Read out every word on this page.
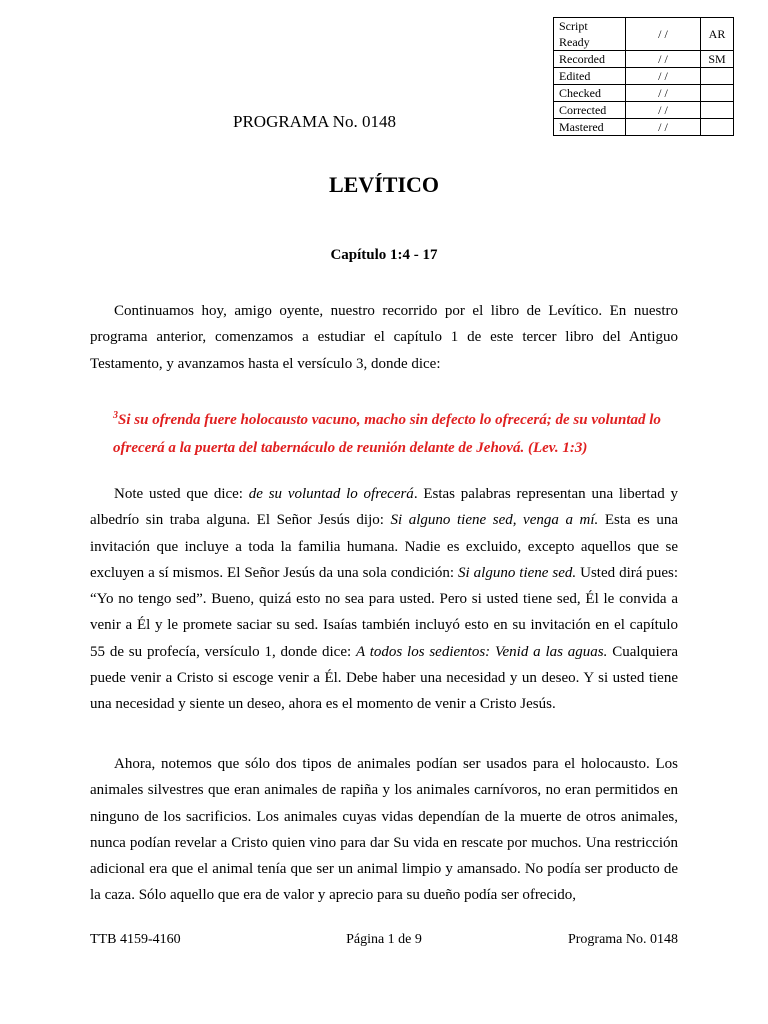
Script Ready	/ /	AR
Recorded	/ /	SM
Edited	/ /	
Checked	/ /	
Corrected	/ /	
Mastered	/ /	
PROGRAMA No. 0148
LEVÍTICO
Capítulo 1:4 - 17

Continuamos hoy, amigo oyente, nuestro recorrido por el libro de Levítico. En nuestro programa anterior, comenzamos a estudiar el capítulo 1 de este tercer libro del Antiguo Testamento, y avanzamos hasta el versículo 3, donde dice:

$^3$Si su ofrenda fuere holocausto vacuno, macho sin defecto lo ofrecerá; de su voluntad lo ofrecerá a la puerta del tabernáculo de reunión delante de Jehová. (Lev. 1:3)

Note usted que dice: de su voluntad lo ofrecerá. Estas palabras representan una libertad y albedrío sin traba alguna. El Señor Jesús dijo: Si alguno tiene sed, venga a mí. Esta es una invitación que incluye a toda la familia humana. Nadie es excluido, excepto aquellos que se excluyen a sí mismos. El Señor Jesús da una sola condición: Si alguno tiene sed. Usted dirá pues: “Yo no tengo sed”. Bueno, quizá esto no sea para usted. Pero si usted tiene sed, Él le convida a venir a Él y le promete saciar su sed. Isaías también incluyó esto en su invitación en el capítulo 55 de su profecía, versículo 1, donde dice: A todos los sedientos: Venid a las aguas. Cualquiera puede venir a Cristo si escoge venir a Él. Debe haber una necesidad y un deseo. Y si usted tiene una necesidad y siente un deseo, ahora es el momento de venir a Cristo Jesús.

Ahora, notemos que sólo dos tipos de animales podían ser usados para el holocausto. Los animales silvestres que eran animales de rapiña y los animales carnívoros, no eran permitidos en ninguno de los sacrificios. Los animales cuyas vidas dependían de la muerte de otros animales, nunca podían revelar a Cristo quien vino para dar Su vida en rescate por muchos. Una restricción adicional era que el animal tenía que ser un animal limpio y amansado. No podía ser producto de la caza. Sólo aquello que era de valor y aprecio para su dueño podía ser ofrecido,

TTB 4159-4160	Página 1 de 9	Programa No. 0148
